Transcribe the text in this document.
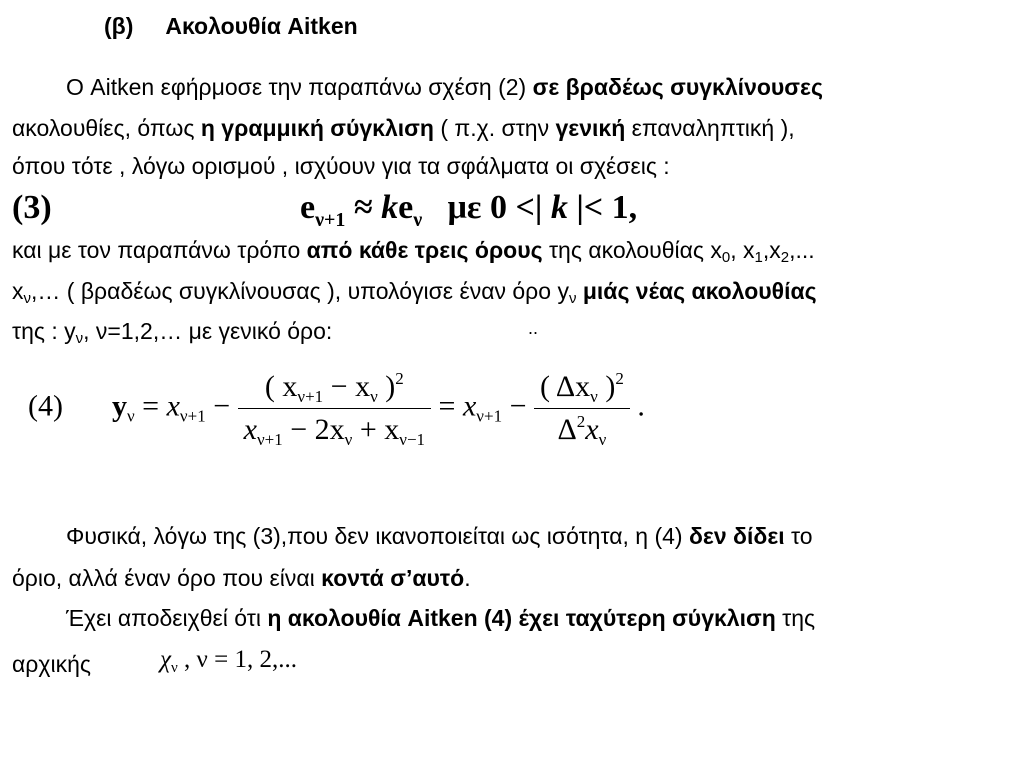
(β) Ακολουθία Aitken
Ο Aitken εφήρμοσε την παραπάνω σχέση (2) σε βραδέως συγκλίνουσες
ακολουθίες, όπως η γραμμική σύγκλιση ( π.χ. στην γενική επαναληπτική ),
όπου τότε , λόγω ορισμού , ισχύουν για τα σφάλματα οι σχέσεις :
(3)	$e_{\nu+1} \approx ke_\nu$ με 0 <| k |< 1,
και με τον παραπάνω τρόπο από κάθε τρεις όρους της ακολουθίας $x_0$, $x_1,x_2$,...
$x_\nu,\dots$ ( βραδέως συγκλίνουσας ), υπολόγισε έναν όρο $y_\nu$ μιάς νέας ακολουθίας
της : $y_\nu$, ν=1,2,… με γενικό όρο:	..
(4) $y_\nu = x_{\nu+1} - \frac{( x_{\nu+1} - x_\nu )^2}{x_{\nu+1} - 2x_\nu + x_{\nu-1}} = x_{\nu+1} - \frac{( \Delta x_\nu )^2}{\Delta^2x_\nu}$ .
Φυσικά, λόγω της (3),που δεν ικανοποιείται ως ισότητα, η (4) δεν δίδει το
όριο, αλλά έναν όρο που είναι κοντά σ’αυτό.
Έχει αποδειχθεί ότι η ακολουθία Aitken (4) έχει ταχύτερη σύγκλιση της
αρχικής	$\chi_\nu$ , ν = 1, 2,...
